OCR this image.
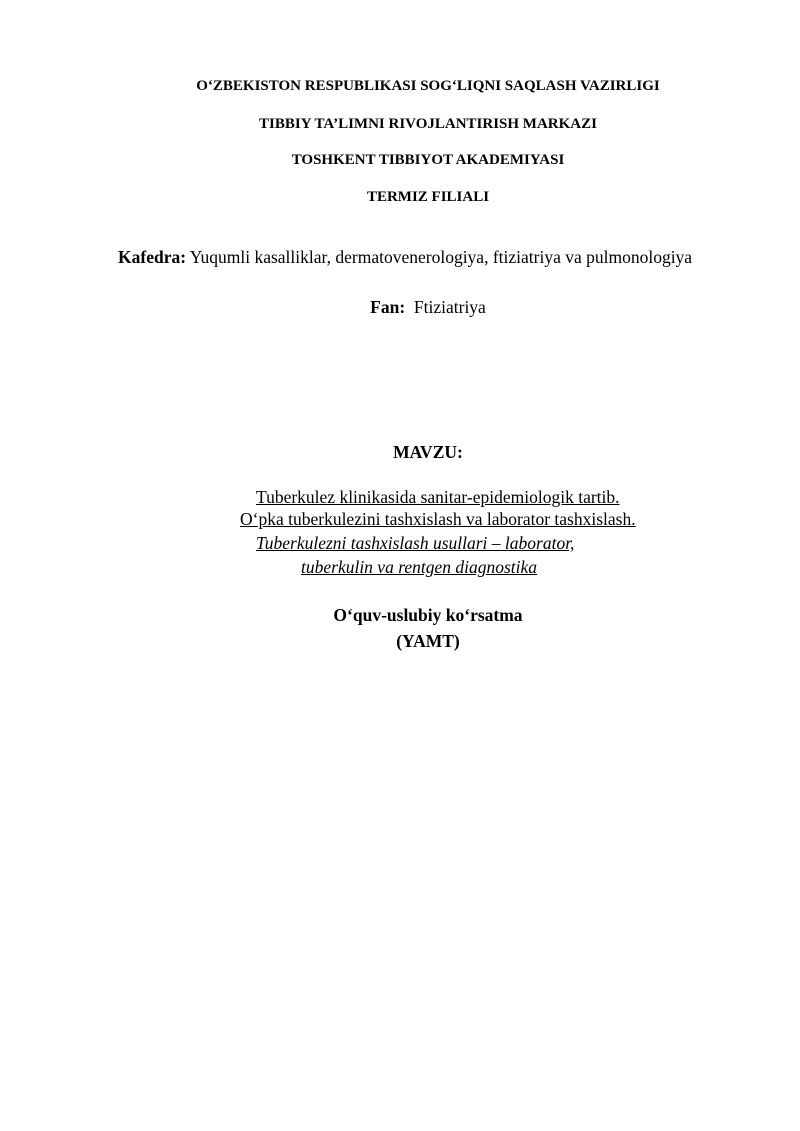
O‘ZBEKISTON RESPUBLIKASI SOG‘LIQNI SAQLASH VAZIRLIGI
TIBBIY TA’LIMNI RIVOJLANTIRISH MARKAZI
TOSHKENT TIBBIYOT AKADEMIYASI
TERMIZ FILIALI
Kafedra: Yuqumli kasalliklar, dermatovenerologiya, ftiziatriya va pulmonologiya
Fan: Ftiziatriya
MAVZU:
Tuberkulez klinikasida sanitar-epidemiologik tartib.
O‘pka tuberkulezini tashxislash va laborator tashxislash.
Tuberkulezni tashxislash usullari – laborator,
tuberkulin va rentgen diagnostika
O‘quv-uslubiy ko‘rsatma
(YAMT)
